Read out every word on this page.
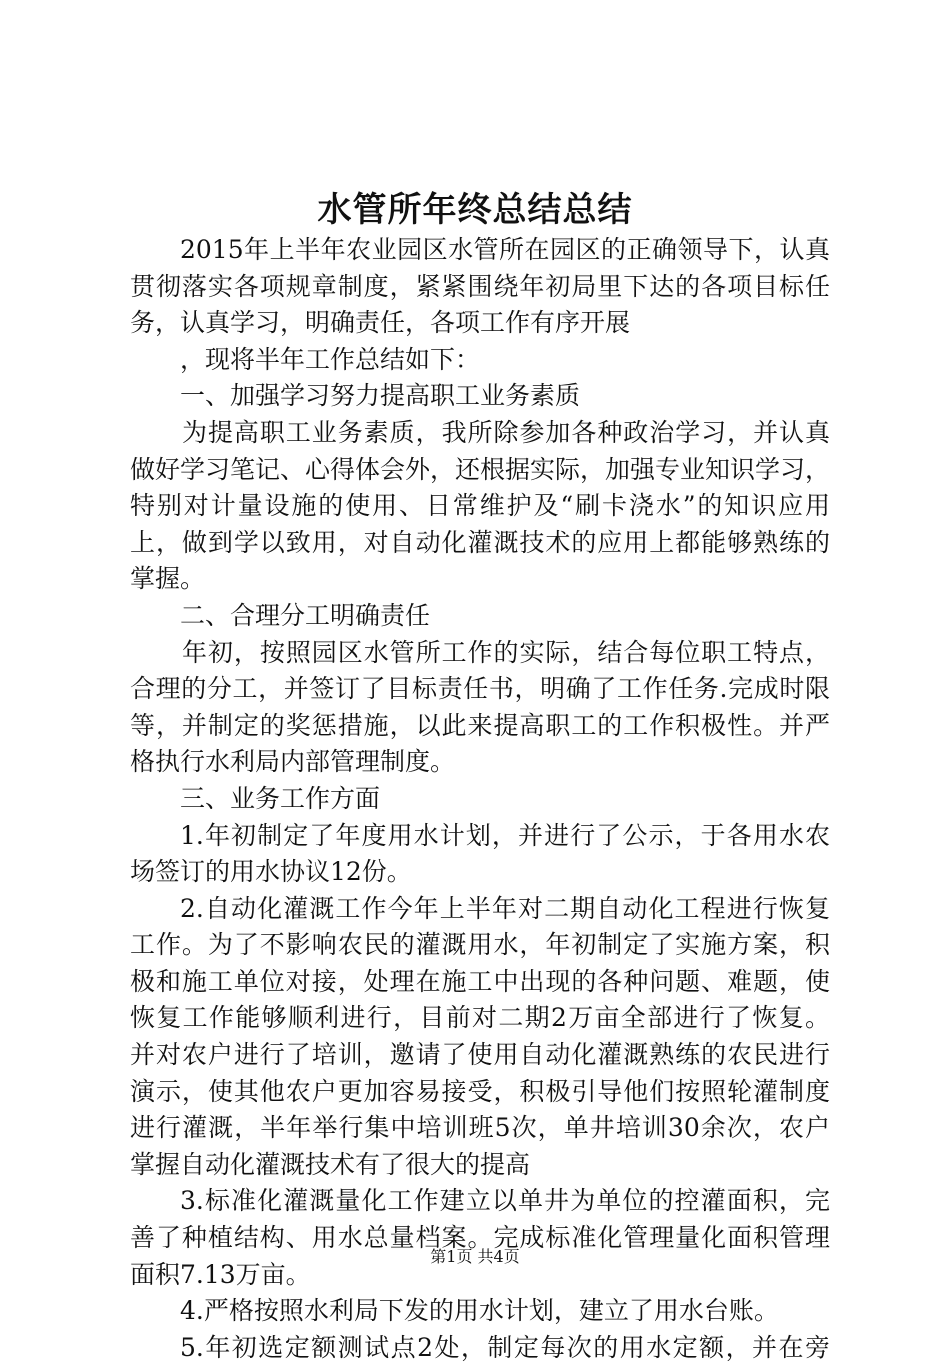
水管所年终总结总结
2015年上半年农业园区水管所在园区的正确领导下，认真
贯彻落实各项规章制度，紧紧围绕年初局里下达的各项目标任
务，认真学习，明确责任，各项工作有序开展
，现将半年工作总结如下：
一、加强学习努力提高职工业务素质
为提高职工业务素质，我所除参加各种政治学习，并认真
做好学习笔记、心得体会外，还根据实际，加强专业知识学习，
特别对计量设施的使用、日常维护及“刷卡浇水”的知识应用
上，做到学以致用，对自动化灌溉技术的应用上都能够熟练的
掌握。
二、合理分工明确责任
年初，按照园区水管所工作的实际，结合每位职工特点，
合理的分工，并签订了目标责任书，明确了工作任务.完成时限
等，并制定的奖惩措施，以此来提高职工的工作积极性。并严
格执行水利局内部管理制度。
三、业务工作方面
1.年初制定了年度用水计划，并进行了公示，于各用水农
场签订的用水协议12份。
2.自动化灌溉工作今年上半年对二期自动化工程进行恢复
工作。为了不影响农民的灌溉用水，年初制定了实施方案，积
极和施工单位对接，处理在施工中出现的各种问题、难题，使
恢复工作能够顺利进行，目前对二期2万亩全部进行了恢复。
并对农户进行了培训，邀请了使用自动化灌溉熟练的农民进行
演示，使其他农户更加容易接受，积极引导他们按照轮灌制度
进行灌溉，半年举行集中培训班5次，单井培训30余次，农户
掌握自动化灌溉技术有了很大的提高
3.标准化灌溉量化工作建立以单井为单位的控灌面积，完
善了种植结构、用水总量档案。完成标准化管理量化面积管理
面积7.13万亩。
4.严格按照水利局下发的用水计划，建立了用水台账。
5.年初选定额测试点2处，制定每次的用水定额，并在旁
第1页 共4页
